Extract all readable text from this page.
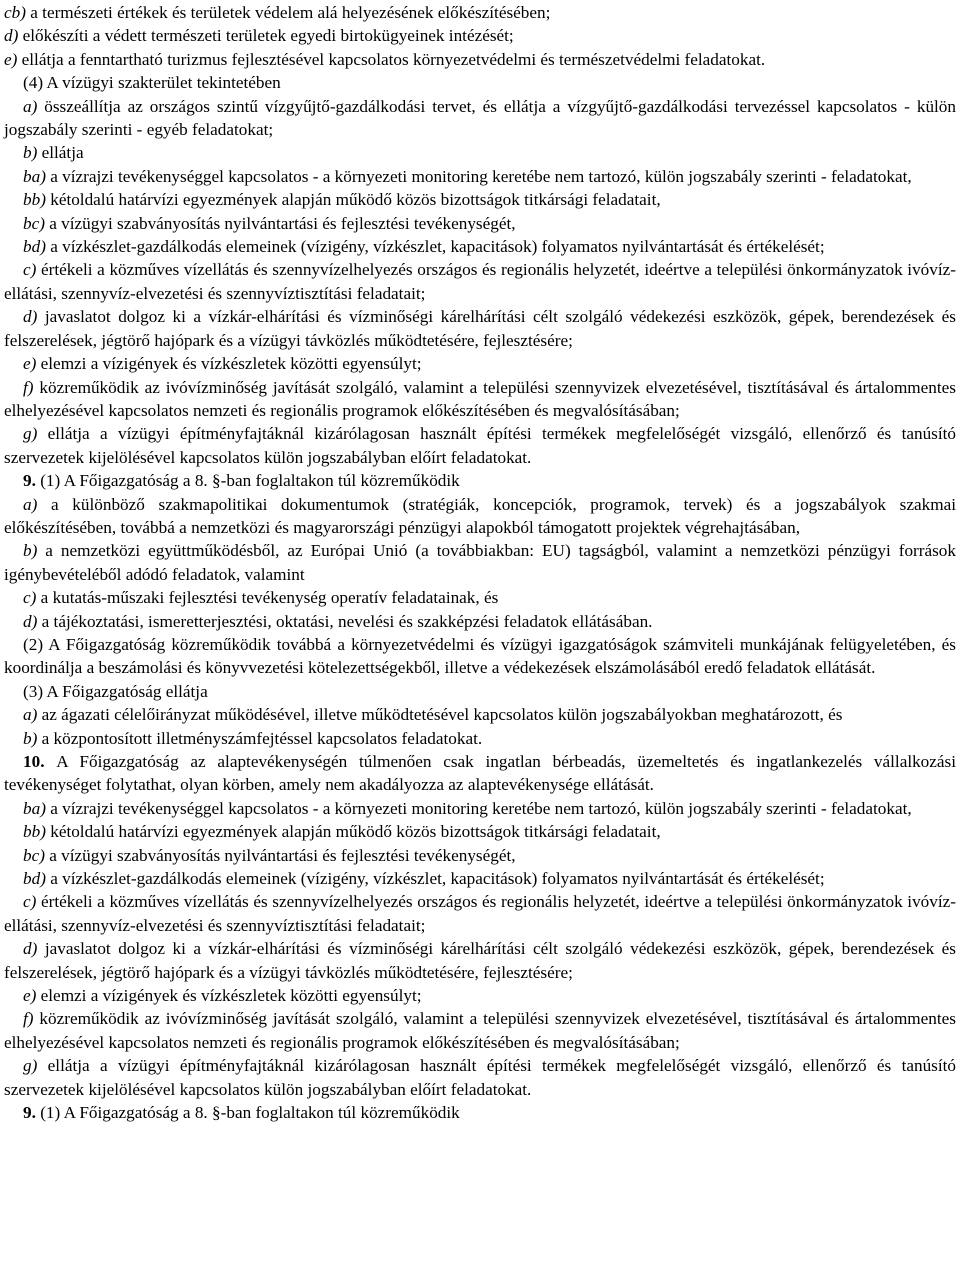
cb) a természeti értékek és területek védelem alá helyezésének előkészítésében;

d) előkészíti a védett természeti területek egyedi birtokügyeinek intézését;

e) ellátja a fenntartható turizmus fejlesztésével kapcsolatos környezetvédelmi és természetvédelmi feladatokat.

(4) A vízügyi szakterület tekintetében

a) összeállítja az országos szintű vízgyűjtő-gazdálkodási tervet, és ellátja a vízgyűjtő-gazdálkodási tervezéssel kapcsolatos - külön jogszabály szerinti - egyéb feladatokat;

b) ellátja

ba) a vízrajzi tevékenységgel kapcsolatos - a környezeti monitoring keretébe nem tartozó, külön jogszabály szerinti - feladatokat,

bb) kétoldalú határvízi egyezmények alapján működő közös bizottságok titkársági feladatait,

bc) a vízügyi szabványosítás nyilvántartási és fejlesztési tevékenységét,

bd) a vízkészlet-gazdálkodás elemeinek (vízigény, vízkészlet, kapacitások) folyamatos nyilvántartását és értékelését;

c) értékeli a közműves vízellátás és szennyvízelhelyezés országos és regionális helyzetét, ideértve a települési önkormányzatok ivóvíz-ellátási, szennyvíz-elvezetési és szennyvíztisztítási feladatait;

d) javaslatot dolgoz ki a vízkár-elhárítási és vízminőségi kárelhárítási célt szolgáló védekezési eszközök, gépek, berendezések és felszerelések, jégtörő hajópark és a vízügyi távközlés működtetésére, fejlesztésére;

e) elemzi a vízigények és vízkészletek közötti egyensúlyt;

f) közreműködik az ivóvízminőség javítását szolgáló, valamint a települési szennyvizek elvezetésével, tisztításával és ártalommentes elhelyezésével kapcsolatos nemzeti és regionális programok előkészítésében és megvalósításában;

g) ellátja a vízügyi építményfajtáknál kizárólagosan használt építési termékek megfelelőségét vizsgáló, ellenőrző és tanúsító szervezetek kijelölésével kapcsolatos külön jogszabályban előírt feladatokat.

9. (1) A Főigazgatóság a 8. §-ban foglaltakon túl közreműködik

a) a különböző szakmapolitikai dokumentumok (stratégiák, koncepciók, programok, tervek) és a jogszabályok szakmai előkészítésében, továbbá a nemzetközi és magyarországi pénzügyi alapokból támogatott projektek végrehajtásában,

b) a nemzetközi együttműködésből, az Európai Unió (a továbbiakban: EU) tagságból, valamint a nemzetközi pénzügyi források igénybevételéből adódó feladatok, valamint

c) a kutatás-műszaki fejlesztési tevékenység operatív feladatainak, és

d) a tájékoztatási, ismeretterjesztési, oktatási, nevelési és szakképzési feladatok ellátásában.

(2) A Főigazgatóság közreműködik továbbá a környezetvédelmi és vízügyi igazgatóságok számviteli munkájának felügyeletében, és koordinálja a beszámolási és könyvvezetési kötelezettségekből, illetve a védekezések elszámolásából eredő feladatok ellátását.

(3) A Főigazgatóság ellátja

a) az ágazati célelőirányzat működésével, illetve működtetésével kapcsolatos külön jogszabályokban meghatározott, és

b) a központosított illetményszámfejtéssel kapcsolatos feladatokat.

10. A Főigazgatóság az alaptevékenységén túlmenően csak ingatlan bérbeadás, üzemeltetés és ingatlankezelés vállalkozási tevékenységet folytathat, olyan körben, amely nem akadályozza az alaptevékenysége ellátását.

ba) a vízrajzi tevékenységgel kapcsolatos - a környezeti monitoring keretébe nem tartozó, külön jogszabály szerinti - feladatokat,

bb) kétoldalú határvízi egyezmények alapján működő közös bizottságok titkársági feladatait,

bc) a vízügyi szabványosítás nyilvántartási és fejlesztési tevékenységét,

bd) a vízkészlet-gazdálkodás elemeinek (vízigény, vízkészlet, kapacitások) folyamatos nyilvántartását és értékelését;

c) értékeli a közműves vízellátás és szennyvízelhelyezés országos és regionális helyzetét, ideértve a települési önkormányzatok ivóvíz-ellátási, szennyvíz-elvezetési és szennyvíztisztítási feladatait;

d) javaslatot dolgoz ki a vízkár-elhárítási és vízminőségi kárelhárítási célt szolgáló védekezési eszközök, gépek, berendezések és felszerelések, jégtörő hajópark és a vízügyi távközlés működtetésére, fejlesztésére;

e) elemzi a vízigények és vízkészletek közötti egyensúlyt;

f) közreműködik az ivóvízminőség javítását szolgáló, valamint a települési szennyvizek elvezetésével, tisztításával és ártalommentes elhelyezésével kapcsolatos nemzeti és regionális programok előkészítésében és megvalósításában;

g) ellátja a vízügyi építményfajtáknál kizárólagosan használt építési termékek megfelelőségét vizsgáló, ellenőrző és tanúsító szervezetek kijelölésével kapcsolatos külön jogszabályban előírt feladatokat.

9. (1) A Főigazgatóság a 8. §-ban foglaltakon túl közreműködik
